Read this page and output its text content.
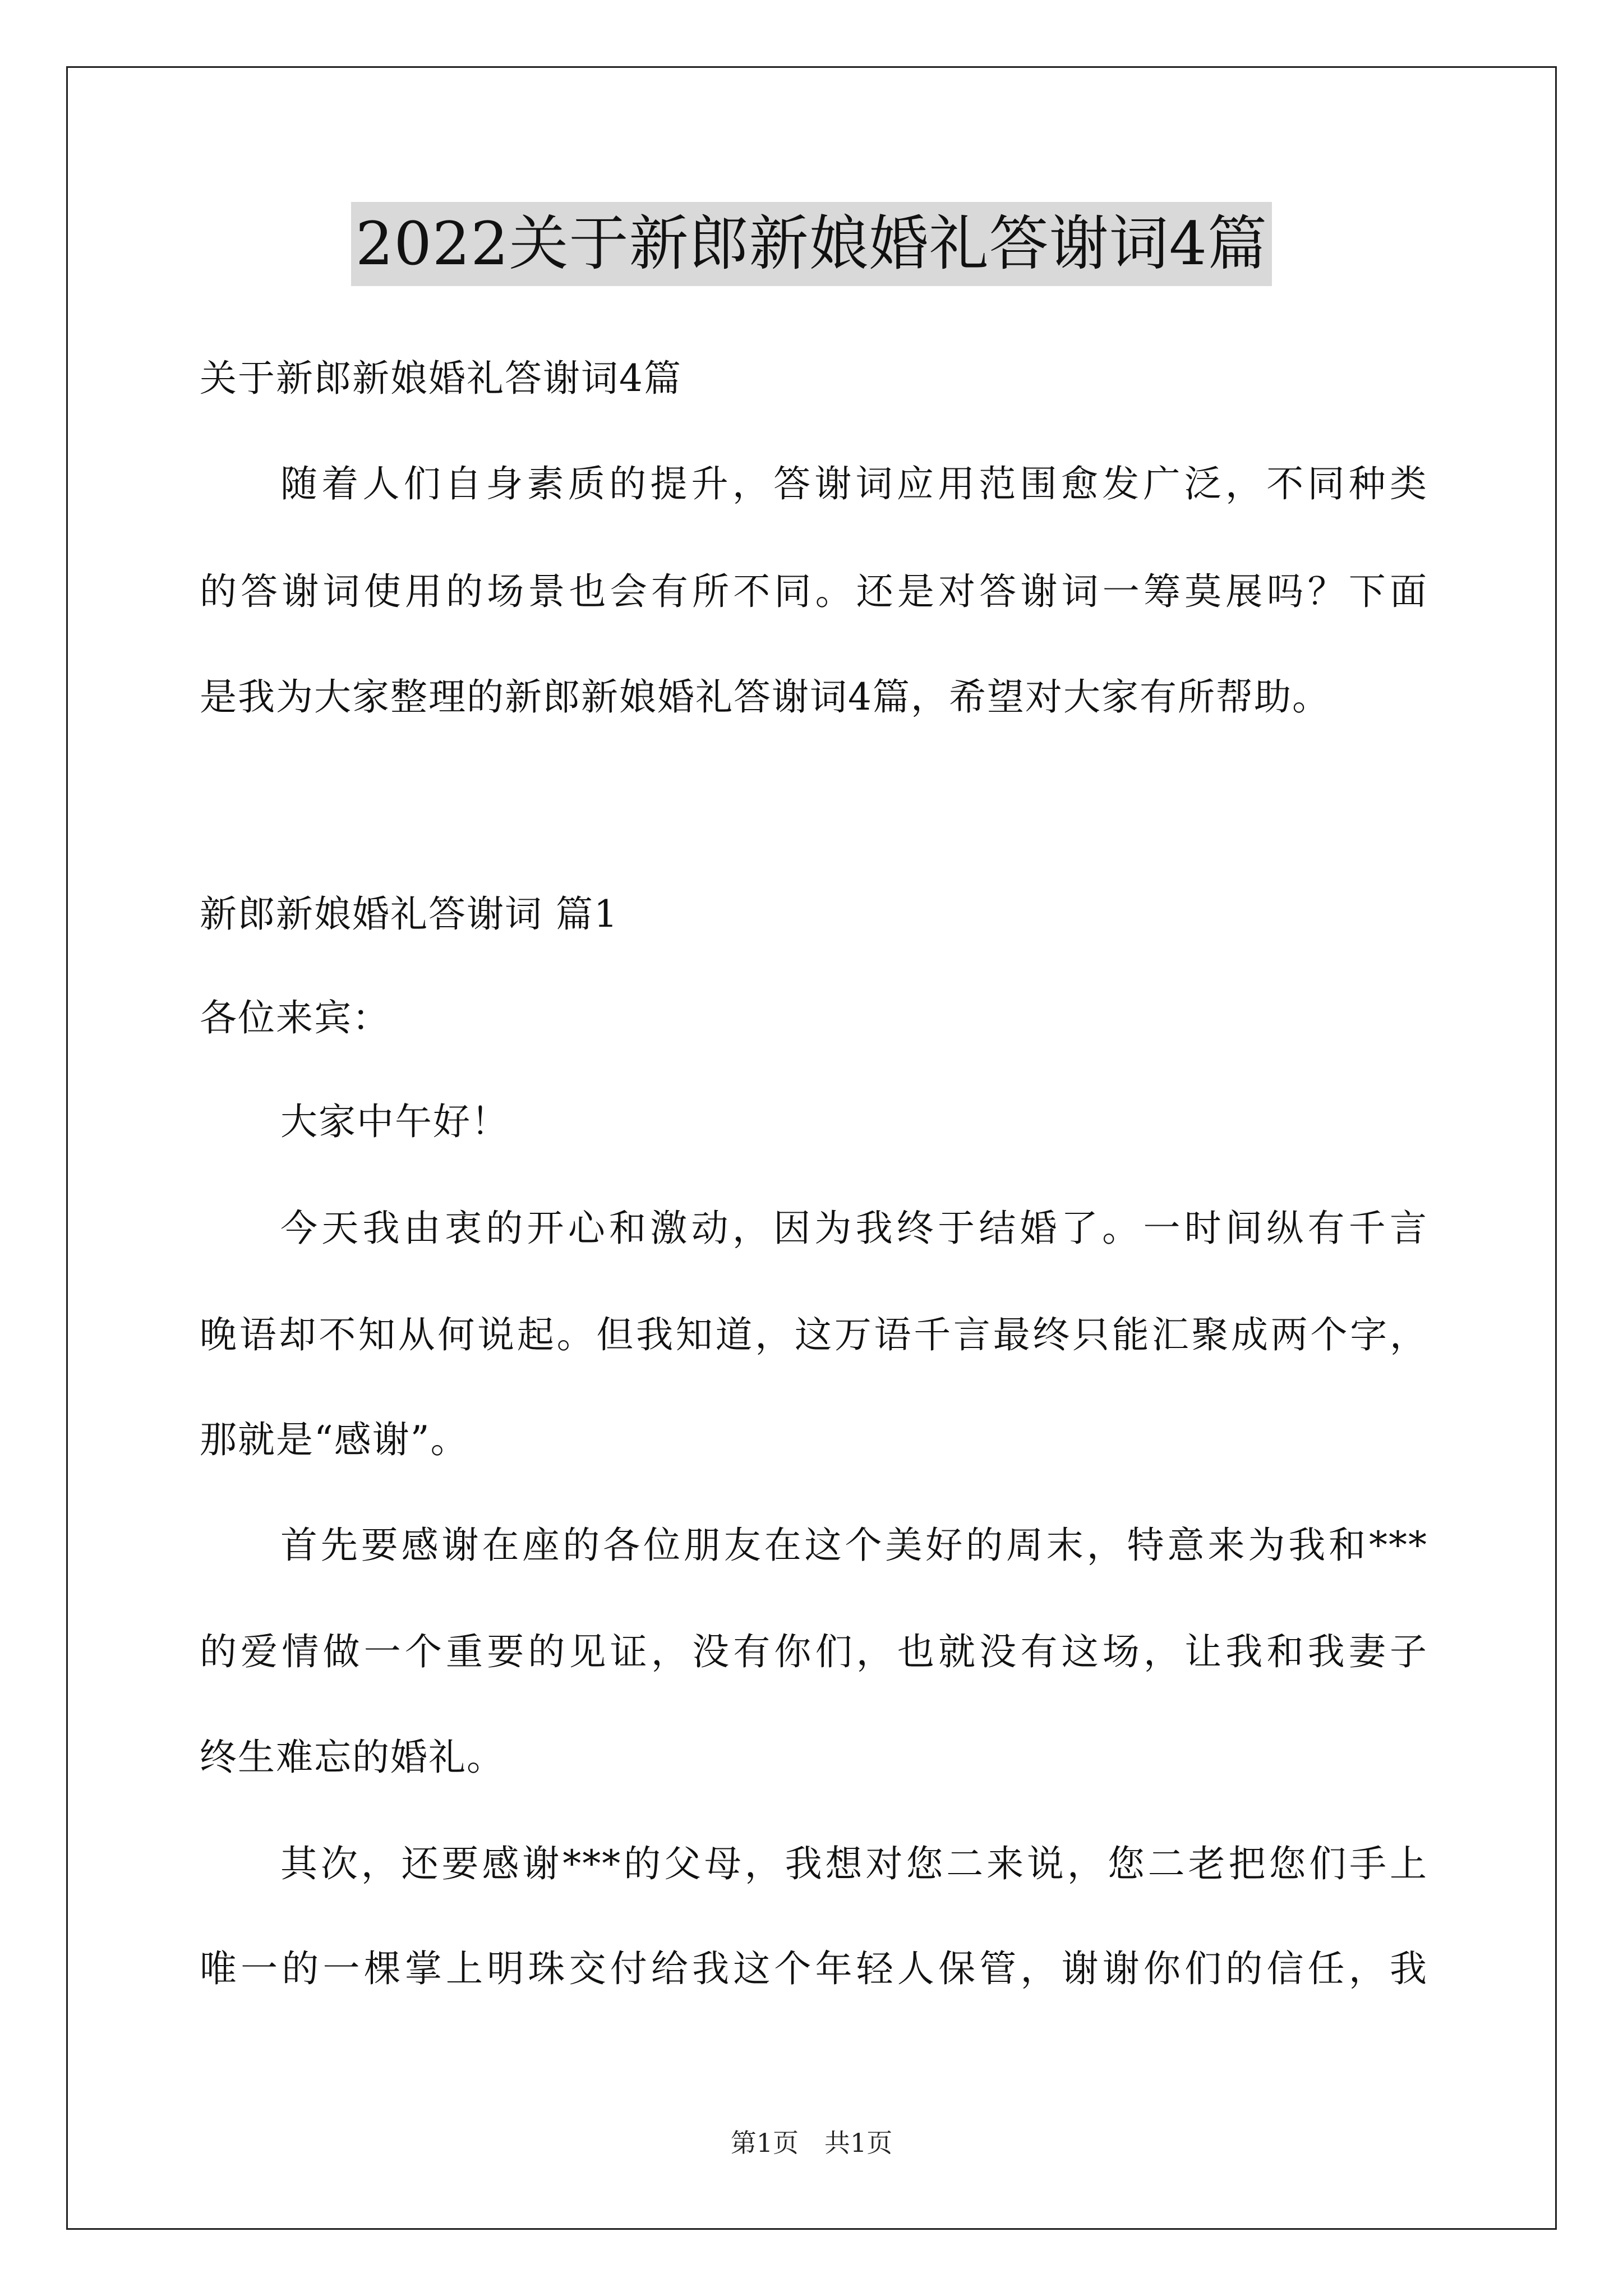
2022关于新郎新娘婚礼答谢词4篇
关于新郎新娘婚礼答谢词4篇
随着人们自身素质的提升，答谢词应用范围愈发广泛，不同种类
的答谢词使用的场景也会有所不同。还是对答谢词一筹莫展吗？下面
是我为大家整理的新郎新娘婚礼答谢词4篇，希望对大家有所帮助。
新郎新娘婚礼答谢词 篇1
各位来宾：
大家中午好！
今天我由衷的开心和激动，因为我终于结婚了。一时间纵有千言
晚语却不知从何说起。但我知道，这万语千言最终只能汇聚成两个字，
那就是“感谢”。
首先要感谢在座的各位朋友在这个美好的周末，特意来为我和***
的爱情做一个重要的见证，没有你们，也就没有这场，让我和我妻子
终生难忘的婚礼。
其次，还要感谢***的父母，我想对您二来说，您二老把您们手上
唯一的一棵掌上明珠交付给我这个年轻人保管，谢谢你们的信任，我
第1页　共1页
